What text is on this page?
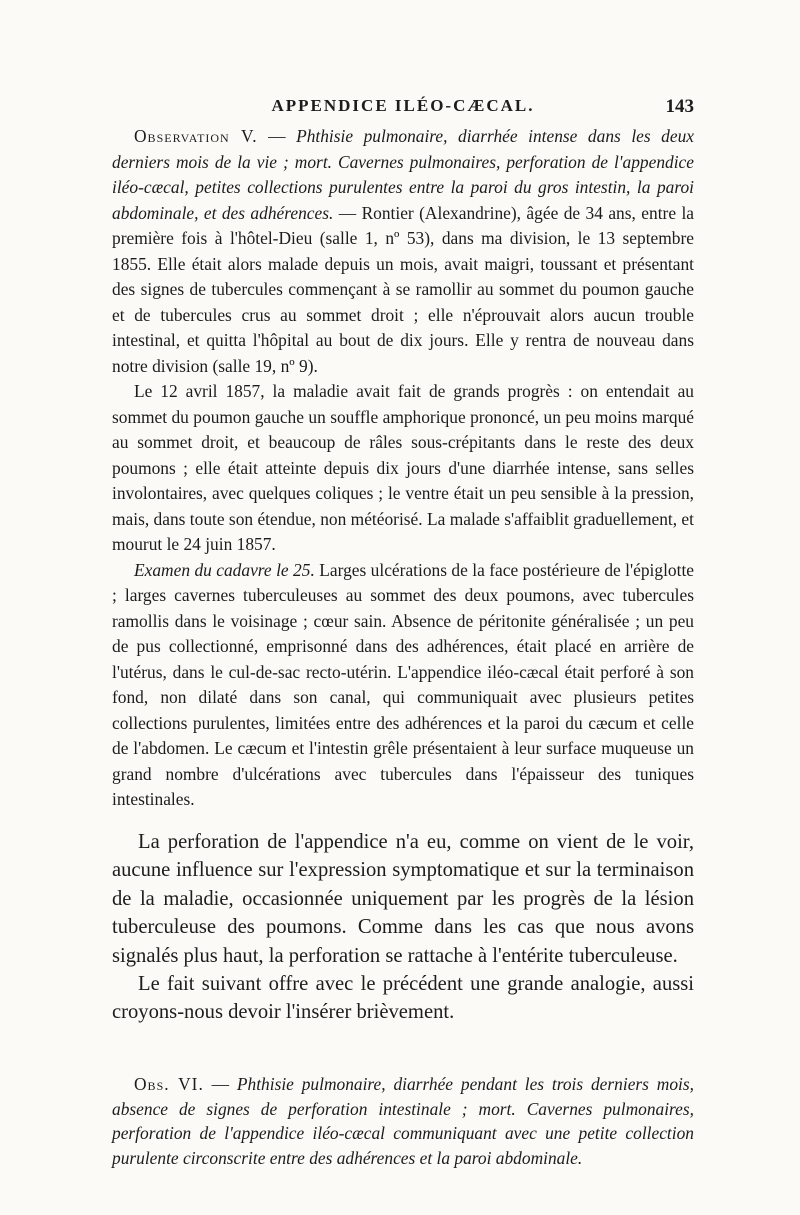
APPENDICE ILÉO-CÆCAL.	143

Observation V. — Phthisie pulmonaire, diarrhée intense dans les deux derniers mois de la vie ; mort. Cavernes pulmonaires, perforation de l'appendice iléo-cæcal, petites collections purulentes entre la paroi du gros intestin, la paroi abdominale, et des adhérences. — Rontier (Alexandrine), âgée de 34 ans, entre la première fois à l'hôtel-Dieu (salle 1, nº 53), dans ma division, le 13 septembre 1855. Elle était alors malade depuis un mois, avait maigri, toussant et présentant des signes de tubercules commençant à se ramollir au sommet du poumon gauche et de tubercules crus au sommet droit ; elle n'éprouvait alors aucun trouble intestinal, et quitta l'hôpital au bout de dix jours. Elle y rentra de nouveau dans notre division (salle 19, nº 9).

Le 12 avril 1857, la maladie avait fait de grands progrès : on entendait au sommet du poumon gauche un souffle amphorique prononcé, un peu moins marqué au sommet droit, et beaucoup de râles sous-crépitants dans le reste des deux poumons ; elle était atteinte depuis dix jours d'une diarrhée intense, sans selles involontaires, avec quelques coliques ; le ventre était un peu sensible à la pression, mais, dans toute son étendue, non météorisé. La malade s'affaiblit graduellement, et mourut le 24 juin 1857.

Examen du cadavre le 25. Larges ulcérations de la face postérieure de l'épiglotte ; larges cavernes tuberculeuses au sommet des deux poumons, avec tubercules ramollis dans le voisinage ; cœur sain. Absence de péritonite généralisée ; un peu de pus collectionné, emprisonné dans des adhérences, était placé en arrière de l'utérus, dans le cul-de-sac recto-utérin. L'appendice iléo-cæcal était perforé à son fond, non dilaté dans son canal, qui communiquait avec plusieurs petites collections purulentes, limitées entre des adhérences et la paroi du cæcum et celle de l'abdomen. Le cæcum et l'intestin grêle présentaient à leur surface muqueuse un grand nombre d'ulcérations avec tubercules dans l'épaisseur des tuniques intestinales.

La perforation de l'appendice n'a eu, comme on vient de le voir, aucune influence sur l'expression symptomatique et sur la terminaison de la maladie, occasionnée uniquement par les progrès de la lésion tuberculeuse des poumons. Comme dans les cas que nous avons signalés plus haut, la perforation se rattache à l'entérite tuberculeuse.

Le fait suivant offre avec le précédent une grande analogie, aussi croyons-nous devoir l'insérer brièvement.

Obs. VI. — Phthisie pulmonaire, diarrhée pendant les trois derniers mois, absence de signes de perforation intestinale ; mort. Cavernes pulmonaires, perforation de l'appendice iléo-cæcal communiquant avec une petite collection purulente circonscrite entre des adhérences et la paroi abdominale.
